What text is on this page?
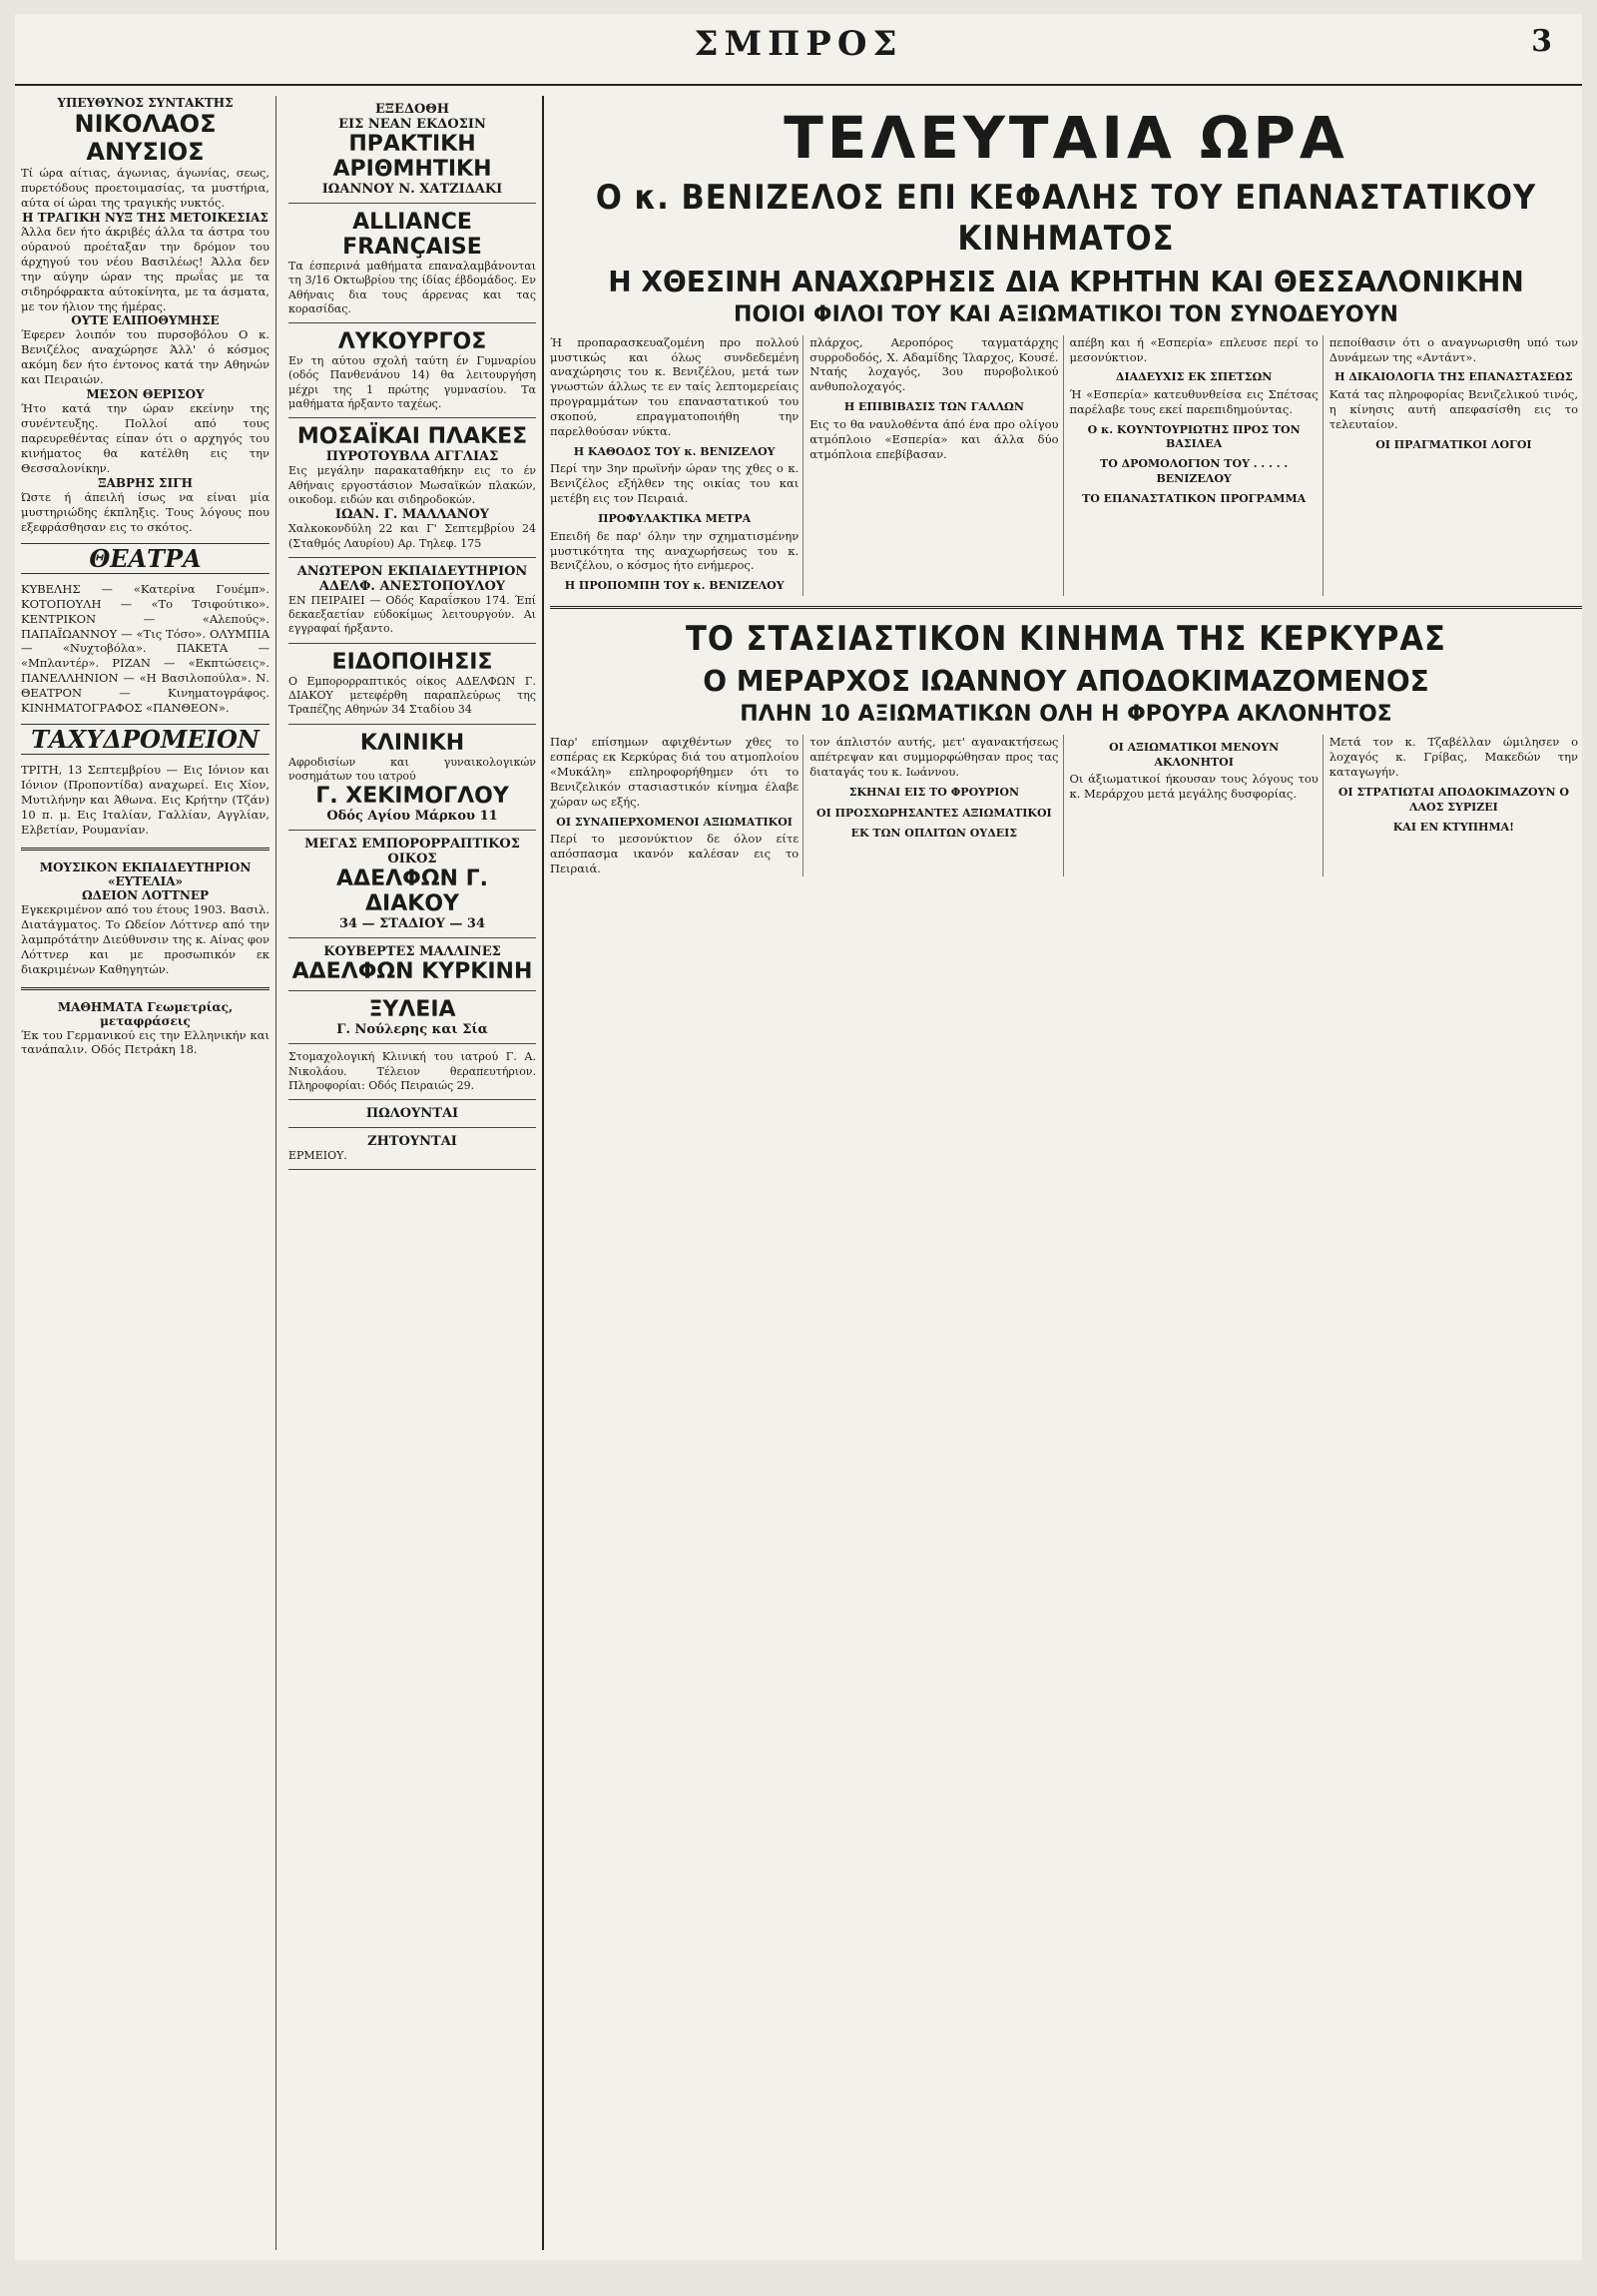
ΣΜΠΡΟΣ	3
ΥΠΕΥΘΥΝΟΣ ΣΥΝΤΑΚΤΗΣ
ΝΙΚΟΛΑΟΣ ΑΝΥΣΙΟΣ
Τί ώρα αίτιας, άγωνιας, άγωνίας, σεως, πυρετόδους προετοιμασίας, τα μυστήρια, αύτα οί ώραι της τραγικής νυκτός.
Η ΤΡΑΓΙΚΗ ΝΥΞ ΤΗΣ ΜΕΤΟΙΚΕΣΙΑΣ
Άλλα δεν ήτο άκριβές άλλα τα άστρα του ούρανού προέταξαν την δρόμον του άρχηγού του νέου Βασιλέως! Άλλα δεν την αύγην ώραν της πρωΐας με τα σιδηρόφρακτα αύτοκίνητα, με τα άσματα, με τον ήλιον της ήμέρας.
ΟΥΤΕ ΕΛΙΠΟΘΥΜΗΣΕ
Έφερεν λοιπόν του πυρσοβόλου Ο κ. Βενιζέλος αναχώρησε Άλλ' ό κόσμος ακόμη δεν ήτο έντονος κατά την Αθηνών και Πειραιών.
ΜΕΣΟΝ ΘΕΡΙΣΟΥ
Ήτο κατά την ώραν εκείνην της συνέντευξης. Πολλοί από τους παρευρεθέντας είπαν ότι ο αρχηγός του κινήματος θα κατέλθη εις την Θεσσαλονίκην.
ΞΑΒΡΗΣ ΣΙΓΗ
Ώστε ή άπειλή ίσως να είναι μία μυστηριώδης έκπληξις. Τους λόγους που εξεφράσθησαν εις το σκότος.
ΘΕΑΤΡΑ
ΚΥΒΕΛΗΣ — «Κατερίνα Γουέμπ». ΚΟΤΟΠΟΥΛΗ — «Το Τσιφούτικο». ΚΕΝΤΡΙΚΟΝ — «Αλεπούς». ΠΑΠΑΪΩΑΝΝΟΥ — «Τις Τόσο». ΟΛΥΜΠΙΑ — «Νυχτοβόλα». ΠΑΚΕΤΑ — «Μπλαντέρ». ΡΙΖΑΝ — «Εκπτώσεις». ΠΑΝΕΛΛΗΝΙΟΝ — «Η Βασιλοπούλα». Ν. ΘΕΑΤΡΟΝ — Κινηματογράφος. ΚΙΝΗΜΑΤΟΓΡΑΦΟΣ «ΠΑΝΘΕΟΝ».
ΤΑΧΥΔΡΟΜΕΙΟΝ
ΤΡΙΤΗ, 13 Σεπτεμβρίου — Εις Ιόνιον και Ιόνιον (Προποντίδα) αναχωρεί. Εις Χίον, Μυτιλήνην και Άθωνα. Εις Κρήτην (Τζάν) 10 π. μ. Εις Ιταλίαν, Γαλλίαν, Αγγλίαν, Ελβετίαν, Ρουμανίαν.
ΜΟΥΣΙΚΟΝ ΕΚΠΑΙΔΕΥΤΗΡΙΟΝ «ΕΥΤΕΛΙΑ»
ΩΔΕΙΟΝ ΛΟΤΤΝΕΡ
Εγκεκριμένον από του έτους 1903. Βασιλ. Διατάγματος. Το Ωδείον Λόττνερ από την λαμπρότάτην Διεύθυνσιν της κ. Αίνας φον Λόττνερ και με προσωπικόν εκ διακριμένων Καθηγητών.
ΜΑΘΗΜΑΤΑ Γεωμετρίας, μεταφράσεις
Έκ του Γερμανικού εις την Ελληνικήν και τανάπαλιν. Οδός Πετράκη 18.
ΕΞΕΔΟΘΗ
ΕΙΣ ΝΕΑΝ ΕΚΔΟΣΙΝ
ΠΡΑΚΤΙΚΗ ΑΡΙΘΜΗΤΙΚΗ
ΙΩΑΝΝΟΥ Ν. ΧΑΤΖΙΔΑΚΙ
ALLIANCE FRANÇAISE
Τα έσπερινά μαθήματα επαναλαμβάνονται τη 3/16 Οκτωβρίου της ίδίας έβδομάδος. Εν Αθήναις δια τους άρρενας και τας κορασίδας.
ΛΥΚΟΥΡΓΟΣ
Εν τη αύτου σχολή ταύτη έν Γυμναρίου (οδός Πανθενάνου 14) θα λειτουργήση μέχρι της 1 πρώτης γυμνασίου. Τα μαθήματα ήρξαντο ταχέως.
ΜΟΣΑΪΚΑΙ ΠΛΑΚΕΣ
ΠΥΡΟΤΟΥΒΛΑ ΑΓΓΛΙΑΣ
Εις μεγάλην παρακαταθήκην εις το έν Αθήναις εργοστάσιον Μωσαϊκών πλακών, οικοδομ. ειδών και σιδηροδοκών.
ΙΩΑΝ. Γ. ΜΑΛΛΑΝΟΥ
Χαλκοκονδύλη 22 και Γ' Σεπτεμβρίου 24 (Σταθμός Λαυρίου) Αρ. Τηλεφ. 175
ΑΝΩΤΕΡΟΝ ΕΚΠΑΙΔΕΥΤΗΡΙΟΝ
ΑΔΕΛΦ. ΑΝΕΣΤΟΠΟΥΛΟΥ
ΕΝ ΠΕΙΡΑΙΕΙ — Οδός Καραΐσκου 174. Έπί δεκαεξαετίαν εύδοκίμως λειτουργούν. Αι εγγραφαί ήρξαντο.
ΕΙΔΟΠΟΙΗΣΙΣ
Ο Εμπορορραπτικός οίκος ΑΔΕΛΦΩΝ Γ. ΔΙΑΚΟΥ μετεφέρθη παραπλεύρως της Τραπέζης Αθηνών 34 Σταδίου 34
ΚΛΙΝΙΚΗ
Αφροδισίων και γυναικολογικών νοσημάτων του ιατρού
Γ. ΧΕΚΙΜΟΓΛΟΥ
Οδός Αγίου Μάρκου 11
ΜΕΓΑΣ ΕΜΠΟΡΟΡΡΑΠΤΙΚΟΣ ΟΙΚΟΣ
ΑΔΕΛΦΩΝ Γ. ΔΙΑΚΟΥ
34 — ΣΤΑΔΙΟΥ — 34
ΚΟΥΒΕΡΤΕΣ ΜΑΛΛΙΝΕΣ
ΑΔΕΛΦΩΝ ΚΥΡΚΙΝΗ
ΞΥΛΕΙΑ
Γ. Νούλερης και Σία
Στομαχολογική Κλινική του ιατρού Γ. Α. Νικολάου. Τέλειον θεραπευτήριον. Πληροφορίαι: Οδός Πειραιώς 29.
ΠΩΛΟΥΝΤΑΙ
ΖΗΤΟΥΝΤΑΙ
ΕΡΜΕΙΟΥ.
ΤΕΛΕΥΤΑΙΑ ΩΡΑ
Ο κ. ΒΕΝΙΖΕΛΟΣ ΕΠΙ ΚΕΦΑΛΗΣ ΤΟΥ ΕΠΑΝΑΣΤΑΤΙΚΟΥ ΚΙΝΗΜΑΤΟΣ
Η ΧΘΕΣΙΝΗ ΑΝΑΧΩΡΗΣΙΣ ΔΙΑ ΚΡΗΤΗΝ ΚΑΙ ΘΕΣΣΑΛΟΝΙΚΗΝ
ΠΟΙΟΙ ΦΙΛΟΙ ΤΟΥ ΚΑΙ ΑΞΙΩΜΑΤΙΚΟΙ ΤΟΝ ΣΥΝΟΔΕΥΟΥΝ
Ή προπαρασκευαζομένη προ πολλού μυστικώς και όλως συνδεδεμένη αναχώρησις του κ. Βενιζέλου, μετά των γνωστών άλλως τε εν ταίς λεπτομερείαις προγραμμάτων του επαναστατικού του σκοπού, επραγματοποιήθη την παρελθούσαν νύκτα.
Η ΚΑΘΟΔΟΣ ΤΟΥ κ. ΒΕΝΙΖΕΛΟΥ
Περί την 3ην πρωϊνήν ώραν της χθες ο κ. Βενιζέλος εξήλθεν της οικίας του και μετέβη εις τον Πειραιά.
ΠΡΟΦΥΛΑΚΤΙΚΑ ΜΕΤΡΑ
Επειδή δε παρ' όλην την σχηματισμένην μυστικότητα της αναχωρήσεως του κ. Βενιζέλου, ο κόσμος ήτο ενήμερος.
Η ΠΡΟΠΟΜΠΗ ΤΟΥ κ. ΒΕΝΙΖΕΛΟΥ
πλάρχος, Αεροπόρος ταγματάρχης συρροδοδός, Χ. Αδαμίδης Ίλαρχος, Κουσέ. Νταής λοχαγός, 3ου πυροβολικού ανθυπολοχαγός.
Η ΕΠΙΒΙΒΑΣΙΣ ΤΩΝ ΓΑΛΛΩΝ
Εις το θα ναυλοθέντα άπό ένα προ ολίγου ατμόπλοιο «Εσπερία» και άλλα δύο ατμόπλοια επεβίβασαν.
απέβη και ή «Εσπερία» επλευσε περί το μεσονύκτιον.
ΔΙΑΔΕΥΧΙΣ ΕΚ ΣΠΕΤΣΩΝ
Ή «Εσπερία» κατευθυνθείσα εις Σπέτσας παρέλαβε τους εκεί παρεπιδημούντας.
Ο κ. ΚΟΥΝΤΟΥΡΙΩΤΗΣ ΠΡΟΣ ΤΟΝ ΒΑΣΙΛΕΑ
ΤΟ ΔΡΟΜΟΛΟΓΙΟΝ ΤΟΥ . . . . . ΒΕΝΙΖΕΛΟΥ
ΤΟ ΕΠΑΝΑΣΤΑΤΙΚΟΝ ΠΡΟΓΡΑΜΜΑ
πεποίθασιν ότι ο αναγνωρισθη υπό των Δυνάμεων της «Αντάντ».
Η ΔΙΚΑΙΟΛΟΓΙΑ ΤΗΣ ΕΠΑΝΑΣΤΑΣΕΩΣ
Κατά τας πληροφορίας Βενιζελικού τινός, η κίνησις αυτή απεφασίσθη εις το τελευταίον.
ΟΙ ΠΡΑΓΜΑΤΙΚΟΙ ΛΟΓΟΙ
ΤΟ ΣΤΑΣΙΑΣΤΙΚΟΝ ΚΙΝΗΜΑ ΤΗΣ ΚΕΡΚΥΡΑΣ
Ο ΜΕΡΑΡΧΟΣ ΙΩΑΝΝΟΥ ΑΠΟΔΟΚΙΜΑΖΟΜΕΝΟΣ
ΠΛΗΝ 10 ΑΞΙΩΜΑΤΙΚΩΝ ΟΛΗ Η ΦΡΟΥΡΑ ΑΚΛΟΝΗΤΟΣ
Παρ' επίσημων αφιχθέντων χθες το εσπέρας εκ Κερκύρας διά του ατμοπλοίου «Μυκάλη» επληροφορήθημεν ότι το Βενιζελικόν στασιαστικόν κίνημα έλαβε χώραν ως εξής.
ΟΙ ΣΥΝΑΠΕΡΧΟΜΕΝΟΙ ΑΞΙΩΜΑΤΙΚΟΙ
Περί το μεσονύκτιον δε όλον είτε απόσπασμα ικανόν καλέσαν εις το Πειραιά.
τον άπλιστόν αυτής, μετ' αγανακτήσεως απέτρεψαν και συμμορφώθησαν προς τας διαταγάς του κ. Ιωάννου.
ΣΚΗΝΑΙ ΕΙΣ ΤΟ ΦΡΟΥΡΙΟΝ
ΟΙ ΠΡΟΣΧΩΡΗΣΑΝΤΕΣ ΑΞΙΩΜΑΤΙΚΟΙ
ΕΚ ΤΩΝ ΟΠΛΙΤΩΝ ΟΥΔΕΙΣ
ΟΙ ΑΞΙΩΜΑΤΙΚΟΙ ΜΕΝΟΥΝ ΑΚΛΟΝΗΤΟΙ
Οι άξιωματικοί ήκουσαν τους λόγους του κ. Μεράρχου μετά μεγάλης δυσφορίας.
Μετά τον κ. Τζαβέλλαν ώμιλησεν ο λοχαγός κ. Γρίβας, Μακεδών την καταγωγήν.
ΟΙ ΣΤΡΑΤΙΩΤΑΙ ΑΠΟΔΟΚΙΜΑΖΟΥΝ Ο ΛΑΟΣ ΣΥΡΙΖΕΙ
ΚΑΙ ΕΝ ΚΤΥΠΗΜΑ!
